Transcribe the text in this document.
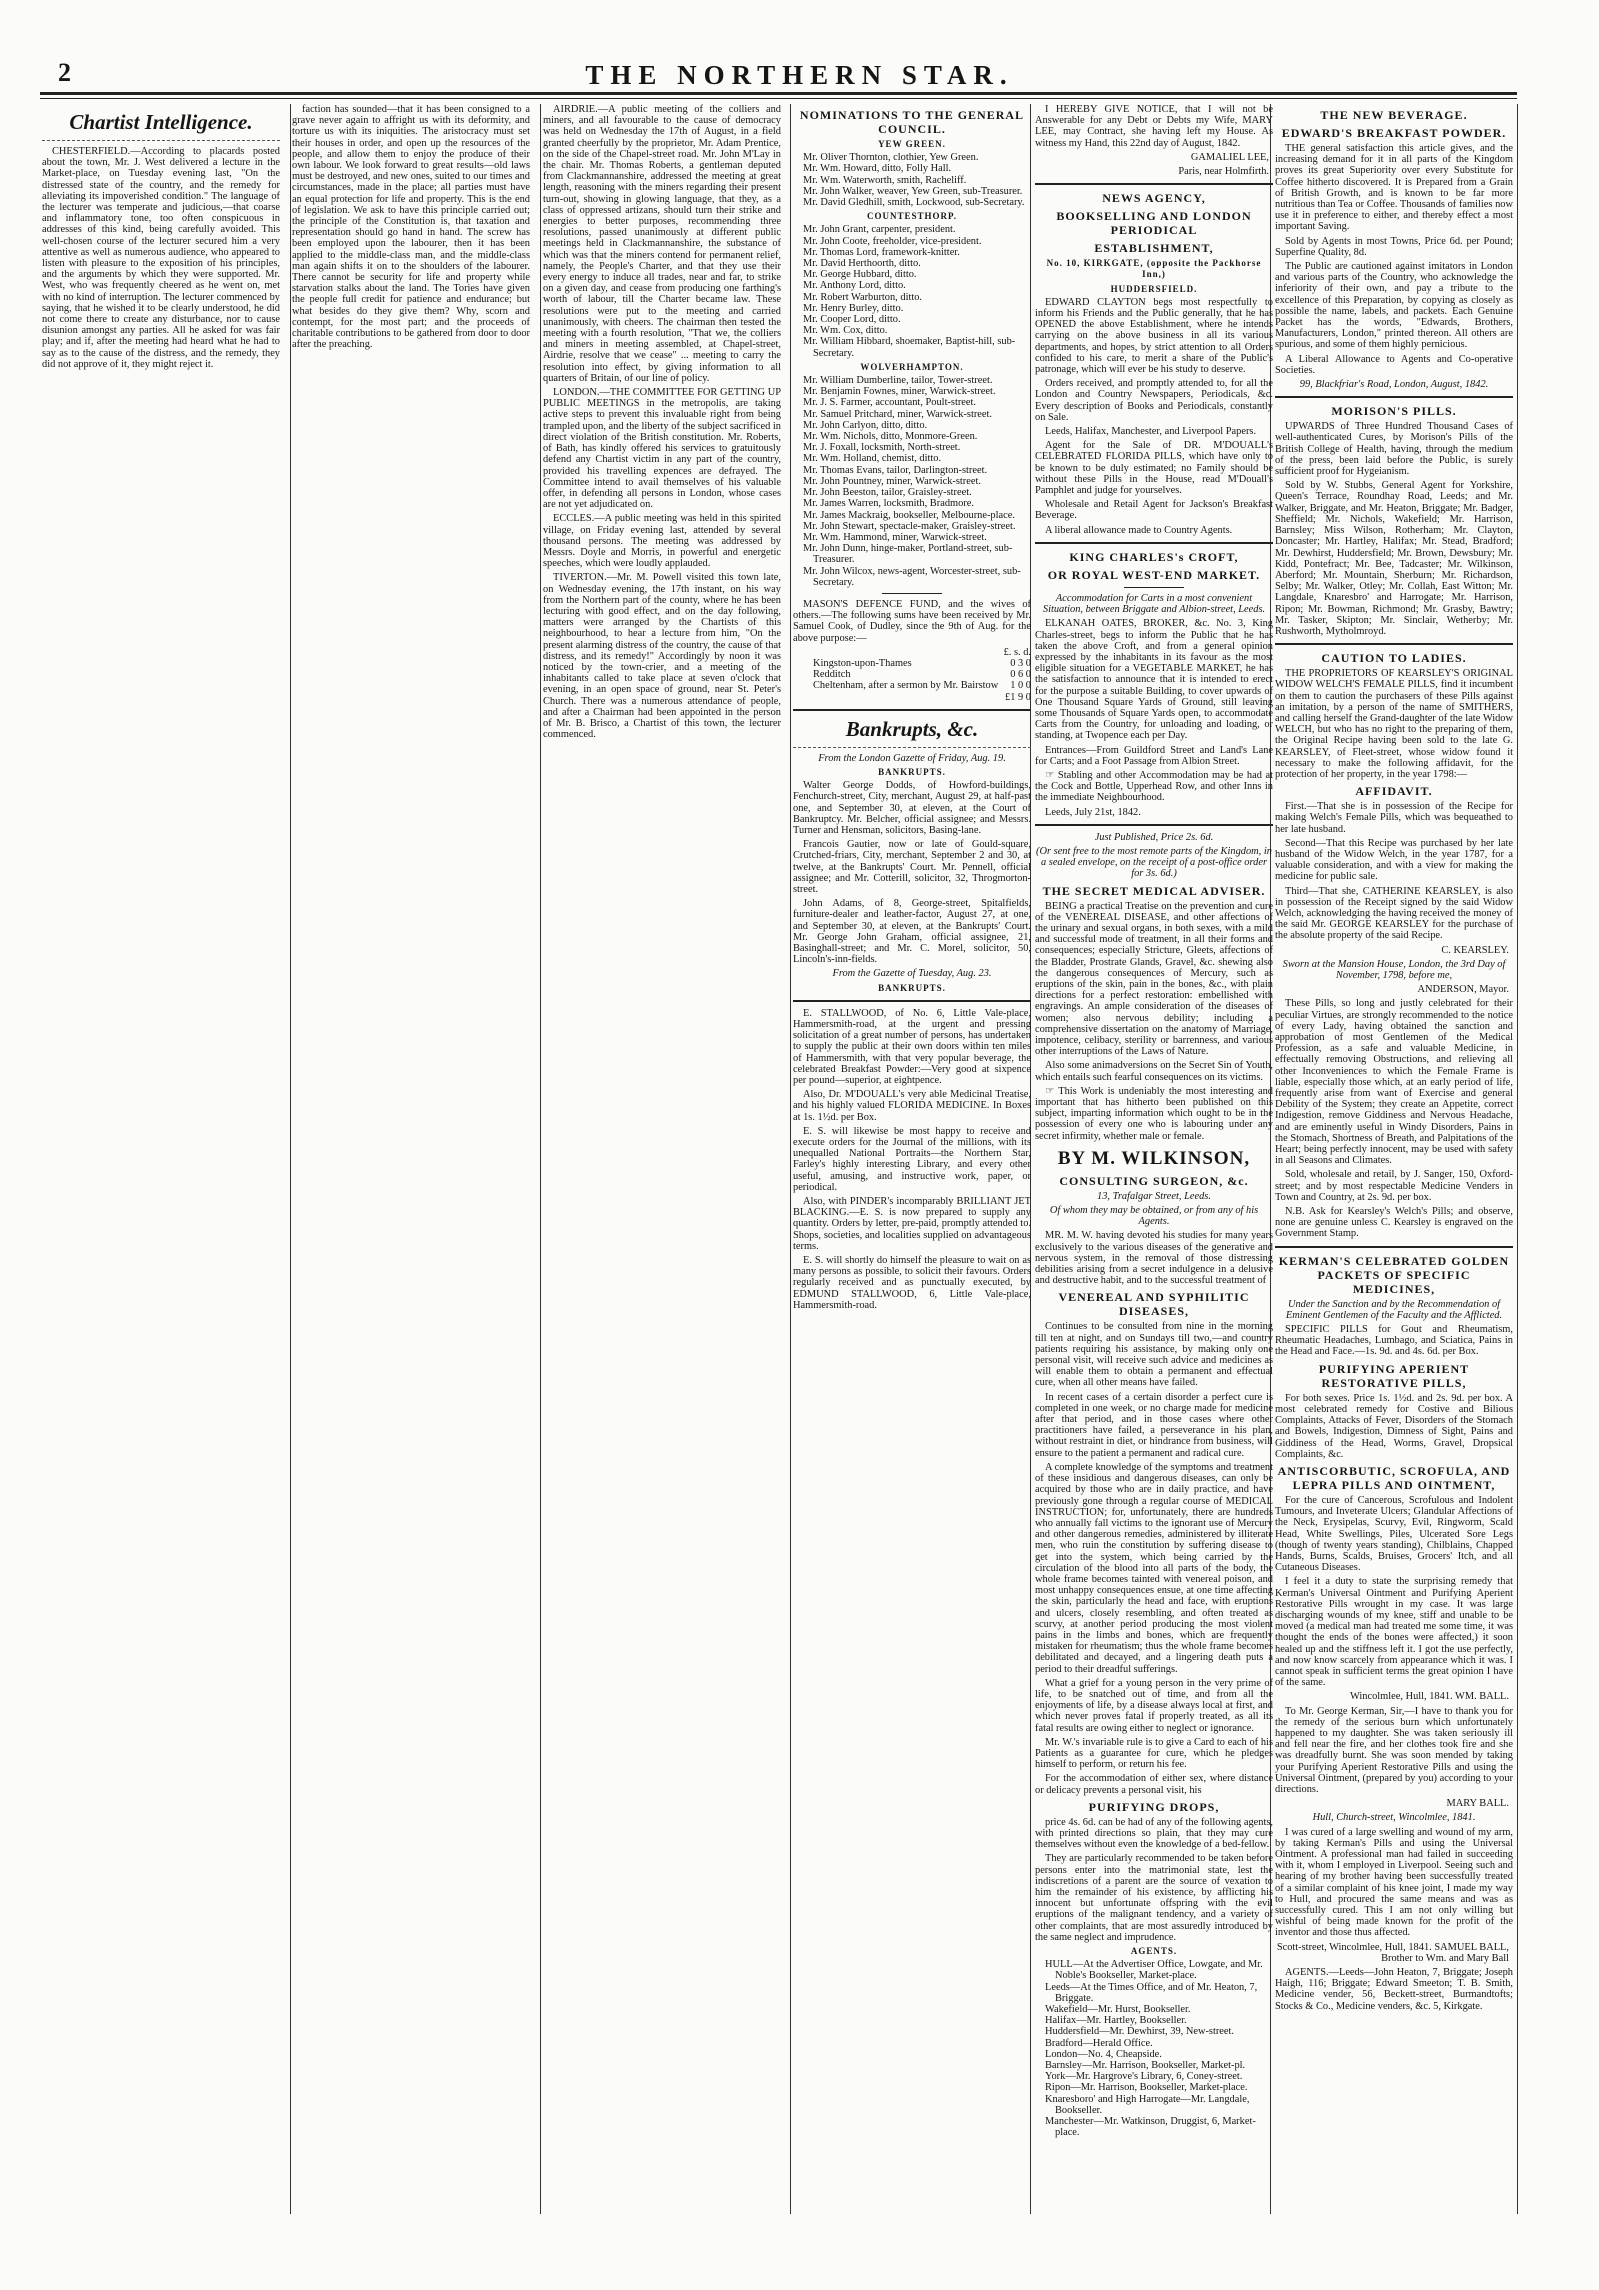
2	THE NORTHERN STAR.
Chartist Intelligence.

CHESTERFIELD.—According to placards posted about the town, Mr. J. West delivered a lecture in the Market-place, on Tuesday evening last, "On the distressed state of the country, and the remedy for alleviating its impoverished condition." The language of the lecturer was temperate and judicious,—that coarse and inflammatory tone, too often conspicuous in addresses of this kind, being carefully avoided. This well-chosen course of the lecturer secured him a very attentive as well as numerous audience, who appeared to listen with pleasure to the exposition of his principles, and the arguments by which they were supported. Mr. West, who was frequently cheered as he went on, met with no kind of interruption. The lecturer commenced by saying, that he wished it to be clearly understood, he did not come there to create any disturbance, nor to cause disunion amongst any parties. All he asked for was fair play; and if, after the meeting had heard what he had to say as to the cause of the distress, and the remedy, they did not approve of it, they might reject it.

faction has sounded—that it has been consigned to a grave never again to affright us with its deformity, and torture us with its iniquities. The aristocracy must set their houses in order, and open up the resources of the people, and allow them to enjoy the produce of their own labour. We look forward to great results—old laws must be destroyed, and new ones, suited to our times and circumstances, made in the place; all parties must have an equal protection for life and property. This is the end of legislation. We ask to have this principle carried out; the principle of the Constitution is, that taxation and representation should go hand in hand. The screw has been employed upon the labourer, then it has been applied to the middle-class man, and the middle-class man again shifts it on to the shoulders of the labourer. There cannot be security for life and property while starvation stalks about the land. The Tories have given the people full credit for patience and endurance; but what besides do they give them? Why, scorn and contempt, for the most part; and the proceeds of charitable contributions to be gathered from door to door after the preaching.

AIRDRIE.—A public meeting of the colliers and miners, and all favourable to the cause of democracy was held on Wednesday the 17th of August, in a field granted cheerfully by the proprietor, Mr. Adam Prentice, on the side of the Chapel-street road. Mr. John M'Lay in the chair. Mr. Thomas Roberts, a gentleman deputed from Clackmannanshire, addressed the meeting at great length, reasoning with the miners regarding their present turn-out, showing in glowing language, that they, as a class of oppressed artizans, should turn their strike and energies to better purposes, recommending three resolutions, passed unanimously at different public meetings held in Clackmannanshire, the substance of which was that the miners contend for permanent relief, namely, the People's Charter, and that they use their every energy to induce all trades, near and far, to strike on a given day, and cease from producing one farthing's worth of labour, till the Charter became law. These resolutions were put to the meeting and carried unanimously, with cheers. The chairman then tested the meeting with a fourth resolution, "That we, the colliers and miners in meeting assembled, at Chapel-street, Airdrie, resolve that we cease" ... meeting to carry the resolution into effect, by giving information to all quarters of Britain, of our line of policy.

LONDON.—THE COMMITTEE FOR GETTING UP PUBLIC MEETINGS in the metropolis, are taking active steps to prevent this invaluable right from being trampled upon, and the liberty of the subject sacrificed in direct violation of the British constitution. Mr. Roberts, of Bath, has kindly offered his services to gratuitously defend any Chartist victim in any part of the country, provided his travelling expences are defrayed. The Committee intend to avail themselves of his valuable offer, in defending all persons in London, whose cases are not yet adjudicated on.

ECCLES.—A public meeting was held in this spirited village, on Friday evening last, attended by several thousand persons. The meeting was addressed by Messrs. Doyle and Morris, in powerful and energetic speeches, which were loudly applauded.

TIVERTON.—Mr. M. Powell visited this town late, on Wednesday evening, the 17th instant, on his way from the Northern part of the county, where he has been lecturing with good effect, and on the day following, matters were arranged by the Chartists of this neighbourhood, to hear a lecture from him, "On the present alarming distress of the country, the cause of that distress, and its remedy!" Accordingly by noon it was noticed by the town-crier, and a meeting of the inhabitants called to take place at seven o'clock that evening, in an open space of ground, near St. Peter's Church. There was a numerous attendance of people, and after a Chairman had been appointed in the person of Mr. B. Brisco, a Chartist of this town, the lecturer commenced.

NOMINATIONS TO THE GENERAL COUNCIL.
YEW GREEN.
Mr. Oliver Thornton, clothier, Yew Green.
Mr. Wm. Howard, ditto, Folly Hall.
Mr. Wm. Waterworth, smith, Racheliff.
Mr. John Walker, weaver, Yew Green, sub-Treasurer.
Mr. David Gledhill, smith, Lockwood, sub-Secretary.
COUNTESTHORP.
Mr. John Grant, carpenter, president.
Mr. John Coote, freeholder, vice-president.
Mr. Thomas Lord, framework-knitter.
Mr. David Herthoorth, ditto.
Mr. George Hubbard, ditto.
Mr. Anthony Lord, ditto.
Mr. Robert Warburton, ditto.
Mr. Henry Burley, ditto.
Mr. Cooper Lord, ditto.
Mr. Wm. Cox, ditto.
Mr. William Hibbard, shoemaker, Baptist-hill, sub-Secretary.
WOLVERHAMPTON.
Mr. William Dumberline, tailor, Tower-street.
Mr. Benjamin Fownes, miner, Warwick-street.
Mr. J. S. Farmer, accountant, Poult-street.
Mr. Samuel Pritchard, miner, Warwick-street.
Mr. John Carlyon, ditto, ditto.
Mr. Wm. Nichols, ditto, Monmore-Green.
Mr. J. Foxall, locksmith, North-street.
Mr. Wm. Holland, chemist, ditto.
Mr. Thomas Evans, tailor, Darlington-street.
Mr. John Pountney, miner, Warwick-street.
Mr. John Beeston, tailor, Graisley-street.
Mr. James Warren, locksmith, Bradmore.
Mr. James Mackraig, bookseller, Melbourne-place.
Mr. John Stewart, spectacle-maker, Graisley-street.
Mr. Wm. Hammond, miner, Warwick-street.
Mr. John Dunn, hinge-maker, Portland-street, sub-Treasurer.
Mr. John Wilcox, news-agent, Worcester-street, sub-Secretary.

MASON'S DEFENCE FUND, and the wives of others.—The following sums have been received by Mr. Samuel Cook, of Dudley, since the 9th of Aug. for the above purpose:—

£. s. d.
Kingston-upon-Thames	0 3 0
Redditch	0 6 0
Cheltenham, after a sermon by Mr. Bairstow 1 0 0
£1 9 0
Bankrupts, &c.
From the London Gazette of Friday, Aug. 19.
BANKRUPTS.

Walter George Dodds, of Howford-buildings, Fenchurch-street, City, merchant, August 29, at half-past one, and September 30, at eleven, at the Court of Bankruptcy. Mr. Belcher, official assignee; and Messrs. Turner and Hensman, solicitors, Basing-lane.

Francois Gautier, now or late of Gould-square, Crutched-friars, City, merchant, September 2 and 30, at twelve, at the Bankrupts' Court. Mr. Pennell, official assignee; and Mr. Cotterill, solicitor, 32, Throgmorton-street.

John Adams, of 8, George-street, Spitalfields, furniture-dealer and leather-factor, August 27, at one, and September 30, at eleven, at the Bankrupts' Court. Mr. George John Graham, official assignee, 21, Basinghall-street; and Mr. C. Morel, solicitor, 50, Lincoln's-inn-fields.

From the Gazette of Tuesday, Aug. 23.
BANKRUPTS.

E. STALLWOOD, of No. 6, Little Vale-place, Hammersmith-road, at the urgent and pressing solicitation of a great number of persons, has undertaken to supply the public at their own doors within ten miles of Hammersmith, with that very popular beverage, the celebrated Breakfast Powder:—Very good at sixpence per pound—superior, at eightpence.

Also, Dr. M'DOUALL's very able Medicinal Treatise, and his highly valued FLORIDA MEDICINE. In Boxes at 1s. 1½d. per Box.

E. S. will likewise be most happy to receive and execute orders for the Journal of the millions, with its unequalled National Portraits—the Northern Star, Farley's highly interesting Library, and every other useful, amusing, and instructive work, paper, or periodical.

Also, with PINDER's incomparably BRILLIANT JET BLACKING.—E. S. is now prepared to supply any quantity. Orders by letter, pre-paid, promptly attended to. Shops, societies, and localities supplied on advantageous terms.

E. S. will shortly do himself the pleasure to wait on as many persons as possible, to solicit their favours. Orders regularly received and as punctually executed, by EDMUND STALLWOOD, 6, Little Vale-place, Hammersmith-road.

I HEREBY GIVE NOTICE, that I will not be Answerable for any Debt or Debts my Wife, MARY LEE, may Contract, she having left my House. As witness my Hand, this 22nd day of August, 1842.

GAMALIEL LEE,
Paris, near Holmfirth.
NEWS AGENCY,
BOOKSELLING AND LONDON PERIODICAL
ESTABLISHMENT,
No. 10, KIRKGATE, (opposite the Packhorse Inn,)
HUDDERSFIELD.

EDWARD CLAYTON begs most respectfully to inform his Friends and the Public generally, that he has OPENED the above Establishment, where he intends carrying on the above business in all its various departments, and hopes, by strict attention to all Orders confided to his care, to merit a share of the Public's patronage, which will ever be his study to deserve.

Orders received, and promptly attended to, for all the London and Country Newspapers, Periodicals, &c. Every description of Books and Periodicals, constantly on Sale.

Leeds, Halifax, Manchester, and Liverpool Papers.

Agent for the Sale of DR. M'DOUALL's CELEBRATED FLORIDA PILLS, which have only to be known to be duly estimated; no Family should be without these Pills in the House, read M'Douall's Pamphlet and judge for yourselves.

Wholesale and Retail Agent for Jackson's Breakfast Beverage.

A liberal allowance made to Country Agents.

KING CHARLES's CROFT,
OR ROYAL WEST-END MARKET.
Accommodation for Carts in a most convenient Situation, between Briggate and Albion-street, Leeds.

ELKANAH OATES, BROKER, &c. No. 3, King Charles-street, begs to inform the Public that he has taken the above Croft, and from a general opinion expressed by the inhabitants in its favour as the most eligible situation for a VEGETABLE MARKET, he has the satisfaction to announce that it is intended to erect for the purpose a suitable Building, to cover upwards of One Thousand Square Yards of Ground, still leaving some Thousands of Square Yards open, to accommodate Carts from the Country, for unloading and loading, or standing, at Twopence each per Day.

Entrances—From Guildford Street and Land's Lane for Carts; and a Foot Passage from Albion Street.

☞ Stabling and other Accommodation may be had at the Cock and Bottle, Upperhead Row, and other Inns in the immediate Neighbourhood.

Leeds, July 21st, 1842.

Just Published, Price 2s. 6d.
(Or sent free to the most remote parts of the Kingdom, in a sealed envelope, on the receipt of a post-office order for 3s. 6d.)
THE SECRET MEDICAL ADVISER.

BEING a practical Treatise on the prevention and cure of the VENEREAL DISEASE, and other affections of the urinary and sexual organs, in both sexes, with a mild and successful mode of treatment, in all their forms and consequences; especially Stricture, Gleets, affections of the Bladder, Prostrate Glands, Gravel, &c. shewing also the dangerous consequences of Mercury, such as eruptions of the skin, pain in the bones, &c., with plain directions for a perfect restoration: embellished with engravings. An ample consideration of the diseases of women; also nervous debility; including a comprehensive dissertation on the anatomy of Marriage, impotence, celibacy, sterility or barrenness, and various other interruptions of the Laws of Nature.

Also some animadversions on the Secret Sin of Youth, which entails such fearful consequences on its victims.

☞ This Work is undeniably the most interesting and important that has hitherto been published on this subject, imparting information which ought to be in the possession of every one who is labouring under any secret infirmity, whether male or female.

BY M. WILKINSON,
CONSULTING SURGEON, &c.
13, Trafalgar Street, Leeds.
Of whom they may be obtained, or from any of his Agents.

MR. M. W. having devoted his studies for many years exclusively to the various diseases of the generative and nervous system, in the removal of those distressing debilities arising from a secret indulgence in a delusive and destructive habit, and to the successful treatment of

VENEREAL AND SYPHILITIC DISEASES,

Continues to be consulted from nine in the morning till ten at night, and on Sundays till two,—and country patients requiring his assistance, by making only one personal visit, will receive such advice and medicines as will enable them to obtain a permanent and effectual cure, when all other means have failed.

In recent cases of a certain disorder a perfect cure is completed in one week, or no charge made for medicine after that period, and in those cases where other practitioners have failed, a perseverance in his plan, without restraint in diet, or hindrance from business, will ensure to the patient a permanent and radical cure.

A complete knowledge of the symptoms and treatment of these insidious and dangerous diseases, can only be acquired by those who are in daily practice, and have previously gone through a regular course of MEDICAL INSTRUCTION; for, unfortunately, there are hundreds who annually fall victims to the ignorant use of Mercury and other dangerous remedies, administered by illiterate men, who ruin the constitution by suffering disease to get into the system, which being carried by the circulation of the blood into all parts of the body, the whole frame becomes tainted with venereal poison, and most unhappy consequences ensue, at one time affecting the skin, particularly the head and face, with eruptions and ulcers, closely resembling, and often treated as scurvy, at another period producing the most violent pains in the limbs and bones, which are frequently mistaken for rheumatism; thus the whole frame becomes debilitated and decayed, and a lingering death puts a period to their dreadful sufferings.

What a grief for a young person in the very prime of life, to be snatched out of time, and from all the enjoyments of life, by a disease always local at first, and which never proves fatal if properly treated, as all its fatal results are owing either to neglect or ignorance.

Mr. W.'s invariable rule is to give a Card to each of his Patients as a guarantee for cure, which he pledges himself to perform, or return his fee.

For the accommodation of either sex, where distance or delicacy prevents a personal visit, his

PURIFYING DROPS,

price 4s. 6d. can be had of any of the following agents, with printed directions so plain, that they may cure themselves without even the knowledge of a bed-fellow.

They are particularly recommended to be taken before persons enter into the matrimonial state, lest the indiscretions of a parent are the source of vexation to him the remainder of his existence, by afflicting his innocent but unfortunate offspring with the evil eruptions of the malignant tendency, and a variety of other complaints, that are most assuredly introduced by the same neglect and imprudence.

AGENTS.
HULL—At the Advertiser Office, Lowgate, and Mr. Noble's Bookseller, Market-place.
Leeds—At the Times Office, and of Mr. Heaton, 7, Briggate.
Wakefield—Mr. Hurst, Bookseller.
Halifax—Mr. Hartley, Bookseller.
Huddersfield—Mr. Dewhirst, 39, New-street.
Bradford—Herald Office.
London—No. 4, Cheapside.
Barnsley—Mr. Harrison, Bookseller, Market-pl.
York—Mr. Hargrove's Library, 6, Coney-street.
Ripon—Mr. Harrison, Bookseller, Market-place.
Knaresboro' and High Harrogate—Mr. Langdale, Bookseller.
Manchester—Mr. Watkinson, Druggist, 6, Market-place.
THE NEW BEVERAGE.
EDWARD'S BREAKFAST POWDER.

THE general satisfaction this article gives, and the increasing demand for it in all parts of the Kingdom proves its great Superiority over every Substitute for Coffee hitherto discovered. It is Prepared from a Grain of British Growth, and is known to be far more nutritious than Tea or Coffee. Thousands of families now use it in preference to either, and thereby effect a most important Saving.

Sold by Agents in most Towns, Price 6d. per Pound; Superfine Quality, 8d.

The Public are cautioned against imitators in London and various parts of the Country, who acknowledge the inferiority of their own, and pay a tribute to the excellence of this Preparation, by copying as closely as possible the name, labels, and packets. Each Genuine Packet has the words, "Edwards, Brothers, Manufacturers, London," printed thereon. All others are spurious, and some of them highly pernicious.

A Liberal Allowance to Agents and Co-operative Societies.

99, Blackfriar's Road, London, August, 1842.
MORISON'S PILLS.

UPWARDS of Three Hundred Thousand Cases of well-authenticated Cures, by Morison's Pills of the British College of Health, having, through the medium of the press, been laid before the Public, is surely sufficient proof for Hygeianism.

Sold by W. Stubbs, General Agent for Yorkshire, Queen's Terrace, Roundhay Road, Leeds; and Mr. Walker, Briggate, and Mr. Heaton, Briggate; Mr. Badger, Sheffield; Mr. Nichols, Wakefield; Mr. Harrison, Barnsley; Miss Wilson, Rotherham; Mr. Clayton, Doncaster; Mr. Hartley, Halifax; Mr. Stead, Bradford; Mr. Dewhirst, Huddersfield; Mr. Brown, Dewsbury; Mr. Kidd, Pontefract; Mr. Bee, Tadcaster; Mr. Wilkinson, Aberford; Mr. Mountain, Sherburn; Mr. Richardson, Selby; Mr. Walker, Otley; Mr. Collah, East Witton; Mr. Langdale, Knaresbro' and Harrogate; Mr. Harrison, Ripon; Mr. Bowman, Richmond; Mr. Grasby, Bawtry; Mr. Tasker, Skipton; Mr. Sinclair, Wetherby; Mr. Rushworth, Mytholmroyd.

CAUTION TO LADIES.

THE PROPRIETORS OF KEARSLEY'S ORIGINAL WIDOW WELCH'S FEMALE PILLS, find it incumbent on them to caution the purchasers of these Pills against an imitation, by a person of the name of SMITHERS, and calling herself the Grand-daughter of the late Widow WELCH, but who has no right to the preparing of them, the Original Recipe having been sold to the late G. KEARSLEY, of Fleet-street, whose widow found it necessary to make the following affidavit, for the protection of her property, in the year 1798:—

AFFIDAVIT.

First.—That she is in possession of the Recipe for making Welch's Female Pills, which was bequeathed to her late husband.

Second—That this Recipe was purchased by her late husband of the Widow Welch, in the year 1787, for a valuable consideration, and with a view for making the medicine for public sale.

Third—That she, CATHERINE KEARSLEY, is also in possession of the Receipt signed by the said Widow Welch, acknowledging the having received the money of the said Mr. GEORGE KEARSLEY for the purchase of the absolute property of the said Recipe.

C. KEARSLEY.
Sworn at the Mansion House, London, the 3rd Day of November, 1798, before me,
ANDERSON, Mayor.

These Pills, so long and justly celebrated for their peculiar Virtues, are strongly recommended to the notice of every Lady, having obtained the sanction and approbation of most Gentlemen of the Medical Profession, as a safe and valuable Medicine, in effectually removing Obstructions, and relieving all other Inconveniences to which the Female Frame is liable, especially those which, at an early period of life, frequently arise from want of Exercise and general Debility of the System; they create an Appetite, correct Indigestion, remove Giddiness and Nervous Headache, and are eminently useful in Windy Disorders, Pains in the Stomach, Shortness of Breath, and Palpitations of the Heart; being perfectly innocent, may be used with safety in all Seasons and Climates.

Sold, wholesale and retail, by J. Sanger, 150, Oxford-street; and by most respectable Medicine Venders in Town and Country, at 2s. 9d. per box.

N.B. Ask for Kearsley's Welch's Pills; and observe, none are genuine unless C. Kearsley is engraved on the Government Stamp.

KERMAN'S CELEBRATED GOLDEN PACKETS OF SPECIFIC MEDICINES,
Under the Sanction and by the Recommendation of Eminent Gentlemen of the Faculty and the Afflicted.

SPECIFIC PILLS for Gout and Rheumatism, Rheumatic Headaches, Lumbago, and Sciatica, Pains in the Head and Face.—1s. 9d. and 4s. 6d. per Box.

PURIFYING APERIENT RESTORATIVE PILLS,

For both sexes. Price 1s. 1½d. and 2s. 9d. per box. A most celebrated remedy for Costive and Bilious Complaints, Attacks of Fever, Disorders of the Stomach and Bowels, Indigestion, Dimness of Sight, Pains and Giddiness of the Head, Worms, Gravel, Dropsical Complaints, &c.

ANTISCORBUTIC, SCROFULA, AND LEPRA PILLS AND OINTMENT,

For the cure of Cancerous, Scrofulous and Indolent Tumours, and Inveterate Ulcers; Glandular Affections of the Neck, Erysipelas, Scurvy, Evil, Ringworm, Scald Head, White Swellings, Piles, Ulcerated Sore Legs (though of twenty years standing), Chilblains, Chapped Hands, Burns, Scalds, Bruises, Grocers' Itch, and all Cutaneous Diseases.

I feel it a duty to state the surprising remedy that Kerman's Universal Ointment and Purifying Aperient Restorative Pills wrought in my case. It was large discharging wounds of my knee, stiff and unable to be moved (a medical man had treated me some time, it was thought the ends of the bones were affected,) it soon healed up and the stiffness left it. I got the use perfectly, and now know scarcely from appearance which it was. I cannot speak in sufficient terms the great opinion I have of the same.

Wincolmlee, Hull, 1841. WM. BALL.

To Mr. George Kerman, Sir,—I have to thank you for the remedy of the serious burn which unfortunately happened to my daughter. She was taken seriously ill and fell near the fire, and her clothes took fire and she was dreadfully burnt. She was soon mended by taking your Purifying Aperient Restorative Pills and using the Universal Ointment, (prepared by you) according to your directions.

MARY BALL.
Hull, Church-street, Wincolmlee, 1841.

I was cured of a large swelling and wound of my arm, by taking Kerman's Pills and using the Universal Ointment. A professional man had failed in succeeding with it, whom I employed in Liverpool. Seeing such and hearing of my brother having been successfully treated of a similar complaint of his knee joint, I made my way to Hull, and procured the same means and was as successfully cured. This I am not only willing but wishful of being made known for the profit of the inventor and those thus affected.

Scott-street, Wincolmlee, Hull, 1841. SAMUEL BALL, Brother to Wm. and Mary Ball

AGENTS.—Leeds—John Heaton, 7, Briggate; Joseph Haigh, 116; Briggate; Edward Smeeton; T. B. Smith, Medicine vender, 56, Beckett-street, Burmandtofts; Stocks & Co., Medicine venders, &c. 5, Kirkgate.
